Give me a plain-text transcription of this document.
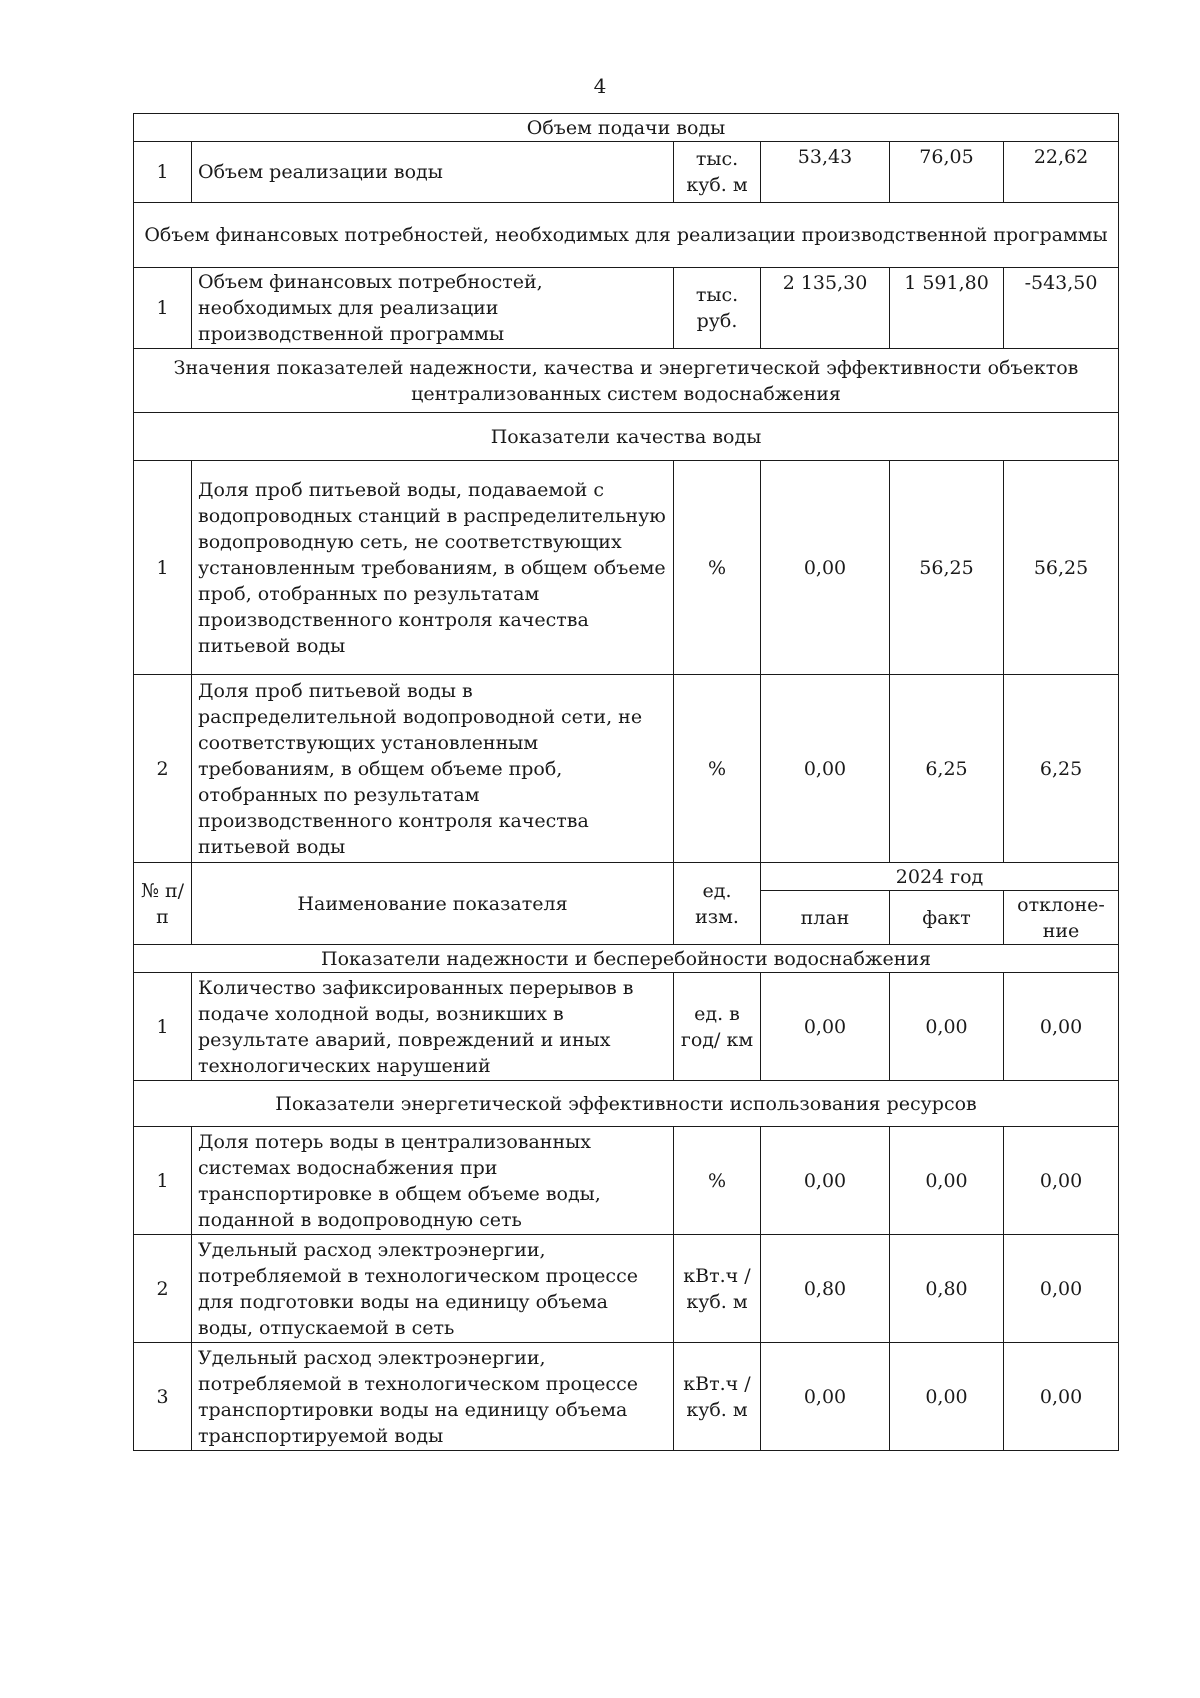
4
Объем подачи воды					
1	Объем реализации воды	тыс. куб. м	53,43	76,05	22,62
Объем финансовых потребностей, необходимых для реализации производственной программы					
1	Объем финансовых потребностей, необходимых для реализации производственной программы	тыс. руб.	2 135,30	1 591,80	-543,50
Значения показателей надежности, качества и энергетической эффективности объектов централизованных систем водоснабжения					
Показатели качества воды					
1	Доля проб питьевой воды, подаваемой с водопроводных станций в распределительную водопроводную сеть, не соответствующих установленным требованиям, в общем объеме проб, отобранных по результатам производственного контроля качества питьевой воды	%	0,00	56,25	56,25
2	Доля проб питьевой воды в распределительной водопроводной сети, не соответствующих установленным требованиям, в общем объеме проб, отобранных по результатам производственного контроля качества питьевой воды	%	0,00	6,25	6,25
№ п/п	Наименование показателя	ед. изм.	2024 год		
			план	факт	отклоне-ние
Показатели надежности и бесперебойности водоснабжения					
1	Количество зафиксированных перерывов в подаче холодной воды, возникших в результате аварий, повреждений и иных технологических нарушений	ед. в год/ км	0,00	0,00	0,00
Показатели энергетической эффективности использования ресурсов					
1	Доля потерь воды в централизованных системах водоснабжения при транспортировке в общем объеме воды, поданной в водопроводную сеть	%	0,00	0,00	0,00
2	Удельный расход электроэнергии, потребляемой в технологическом процессе для подготовки воды на единицу объема воды, отпускаемой в сеть	кВт.ч / куб. м	0,80	0,80	0,00
3	Удельный расход электроэнергии, потребляемой в технологическом процессе транспортировки воды на единицу объема транспортируемой воды	кВт.ч / куб. м	0,00	0,00	0,00
